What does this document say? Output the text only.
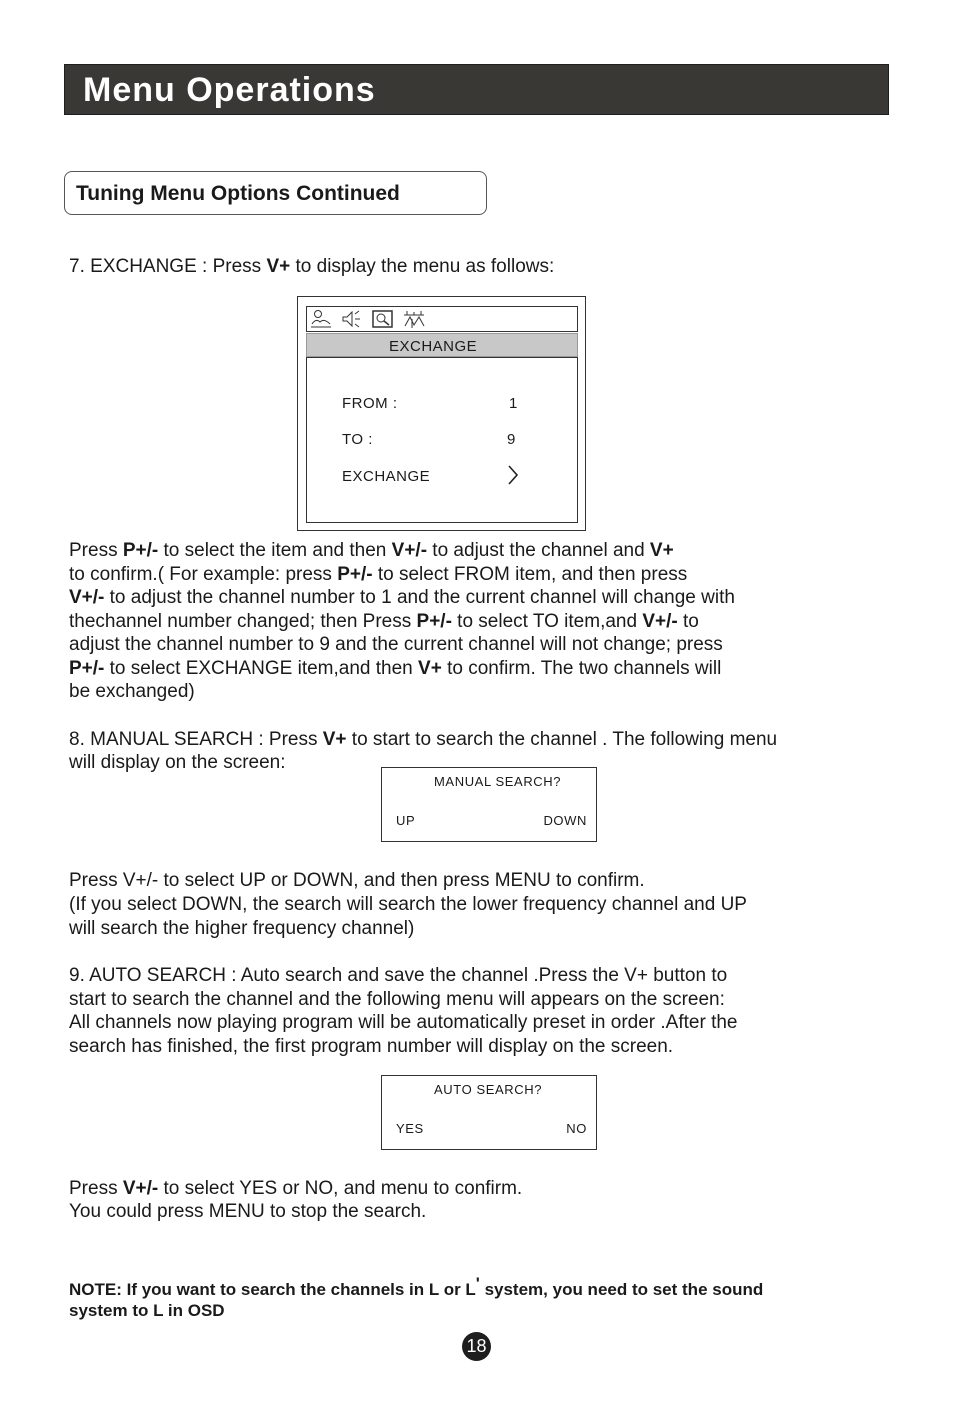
Menu Operations
Tuning Menu Options Continued
7. EXCHANGE : Press V+ to display the menu as follows:
EXCHANGE
FROM :	1
TO :	9
EXCHANGE
Press P+/- to select the item and then V+/- to adjust the channel and V+
to confirm.( For example: press P+/- to select FROM item, and then press
V+/- to adjust the channel number to 1 and the current channel will change with
thechannel number changed; then Press P+/- to select TO item,and V+/- to
adjust the channel number to 9 and the current channel will not change; press
P+/- to select EXCHANGE item,and then V+ to confirm. The two channels will
be exchanged)
8. MANUAL SEARCH : Press V+ to start to search the channel . The following menu
will display on the screen:
MANUAL SEARCH?
UP	DOWN
Press V+/- to select UP or DOWN, and then press MENU to confirm.
(If you select DOWN, the search will search the lower frequency channel and UP
will search the higher frequency channel)
9. AUTO SEARCH : Auto search and save the channel .Press the V+ button to
start to search the channel and the following menu will appears on the screen:
All channels now playing program will be automatically preset in order .After the
search has finished, the first program number will display on the screen.
AUTO SEARCH?
YES	NO
Press V+/- to select YES or NO, and menu to confirm.
You could press MENU to stop the search.
NOTE: If you want to search the channels in L or L' system, you need to set the sound
system to L in OSD
18
